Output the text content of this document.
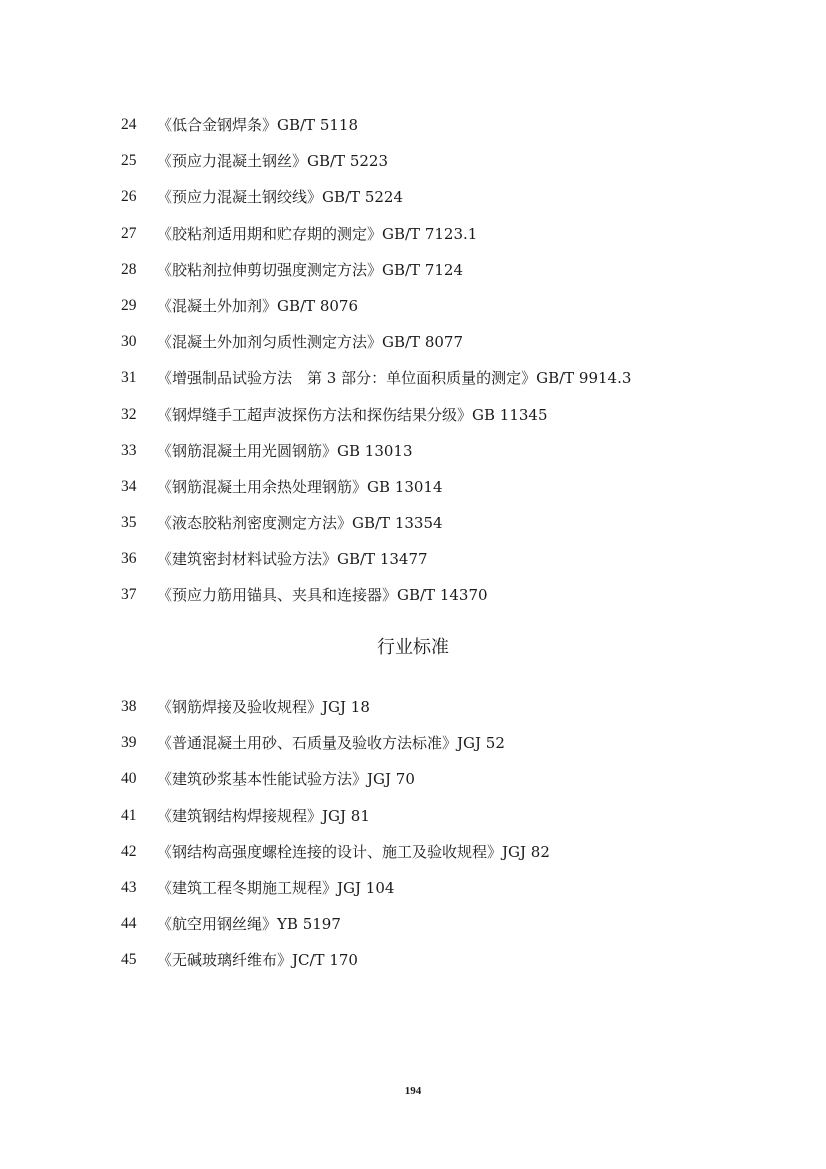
24	《低合金钢焊条》GB/T 5118
25	《预应力混凝土钢丝》GB/T 5223
26	《预应力混凝土钢绞线》GB/T 5224
27	《胶粘剂适用期和贮存期的测定》GB/T 7123.1
28	《胶粘剂拉伸剪切强度测定方法》GB/T 7124
29	《混凝土外加剂》GB/T 8076
30	《混凝土外加剂匀质性测定方法》GB/T 8077
31	《增强制品试验方法　第 3 部分：单位面积质量的测定》GB/T 9914.3
32	《钢焊缝手工超声波探伤方法和探伤结果分级》GB 11345
33	《钢筋混凝土用光圆钢筋》GB 13013
34	《钢筋混凝土用余热处理钢筋》GB 13014
35	《液态胶粘剂密度测定方法》GB/T 13354
36	《建筑密封材料试验方法》GB/T 13477
37	《预应力筋用锚具、夹具和连接器》GB/T 14370
行业标准
38	《钢筋焊接及验收规程》JGJ 18
39	《普通混凝土用砂、石质量及验收方法标准》JGJ 52
40	《建筑砂浆基本性能试验方法》JGJ 70
41	《建筑钢结构焊接规程》JGJ 81
42	《钢结构高强度螺栓连接的设计、施工及验收规程》JGJ 82
43	《建筑工程冬期施工规程》JGJ 104
44	《航空用钢丝绳》YB 5197
45	《无碱玻璃纤维布》JC/T 170
194
